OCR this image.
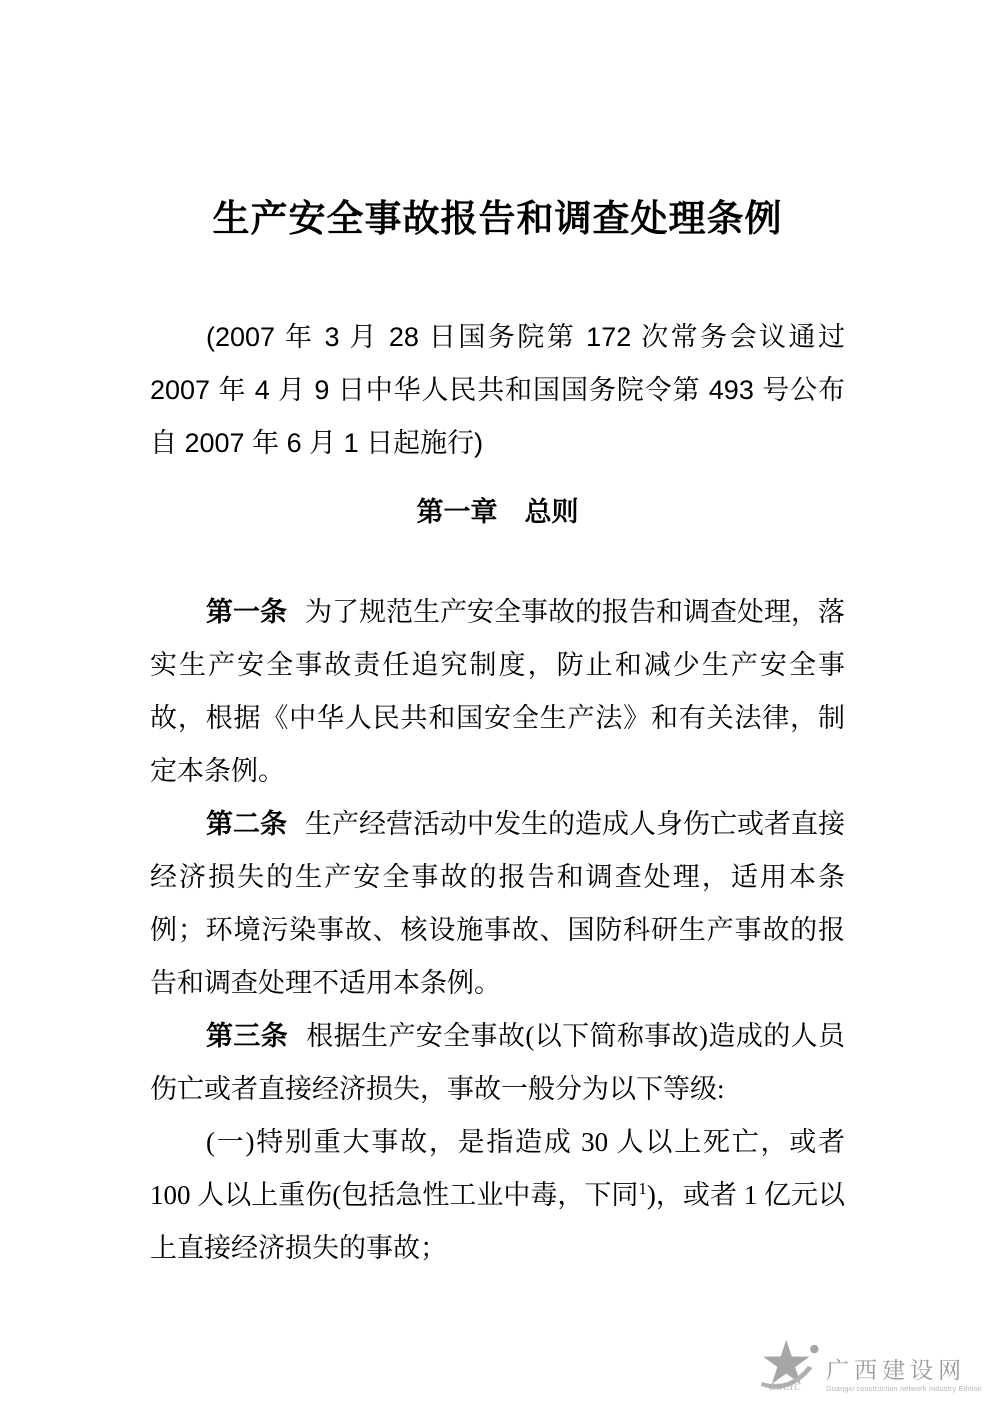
生产安全事故报告和调查处理条例

(2007 年 3 月 28 日国务院第 172 次常务会议通过 2007 年 4 月 9 日中华人民共和国国务院令第 493 号公布 自 2007 年 6 月 1 日起施行)

第一章　总则

第一条 为了规范生产安全事故的报告和调查处理，落实生产安全事故责任追究制度，防止和减少生产安全事故，根据《中华人民共和国安全生产法》和有关法律，制定本条例。

第二条 生产经营活动中发生的造成人身伤亡或者直接经济损失的生产安全事故的报告和调查处理，适用本条例；环境污染事故、核设施事故、国防科研生产事故的报告和调查处理不适用本条例。

第三条 根据生产安全事故(以下简称事故)造成的人员伤亡或者直接经济损失，事故一般分为以下等级:

(一)特别重大事故，是指造成 30 人以上死亡，或者 100 人以上重伤(包括急性工业中毒，下同$^1$)，或者 1 亿元以上直接经济损失的事故；

GXCIC
广西建设网
Guangxi construction network Industry Edition
